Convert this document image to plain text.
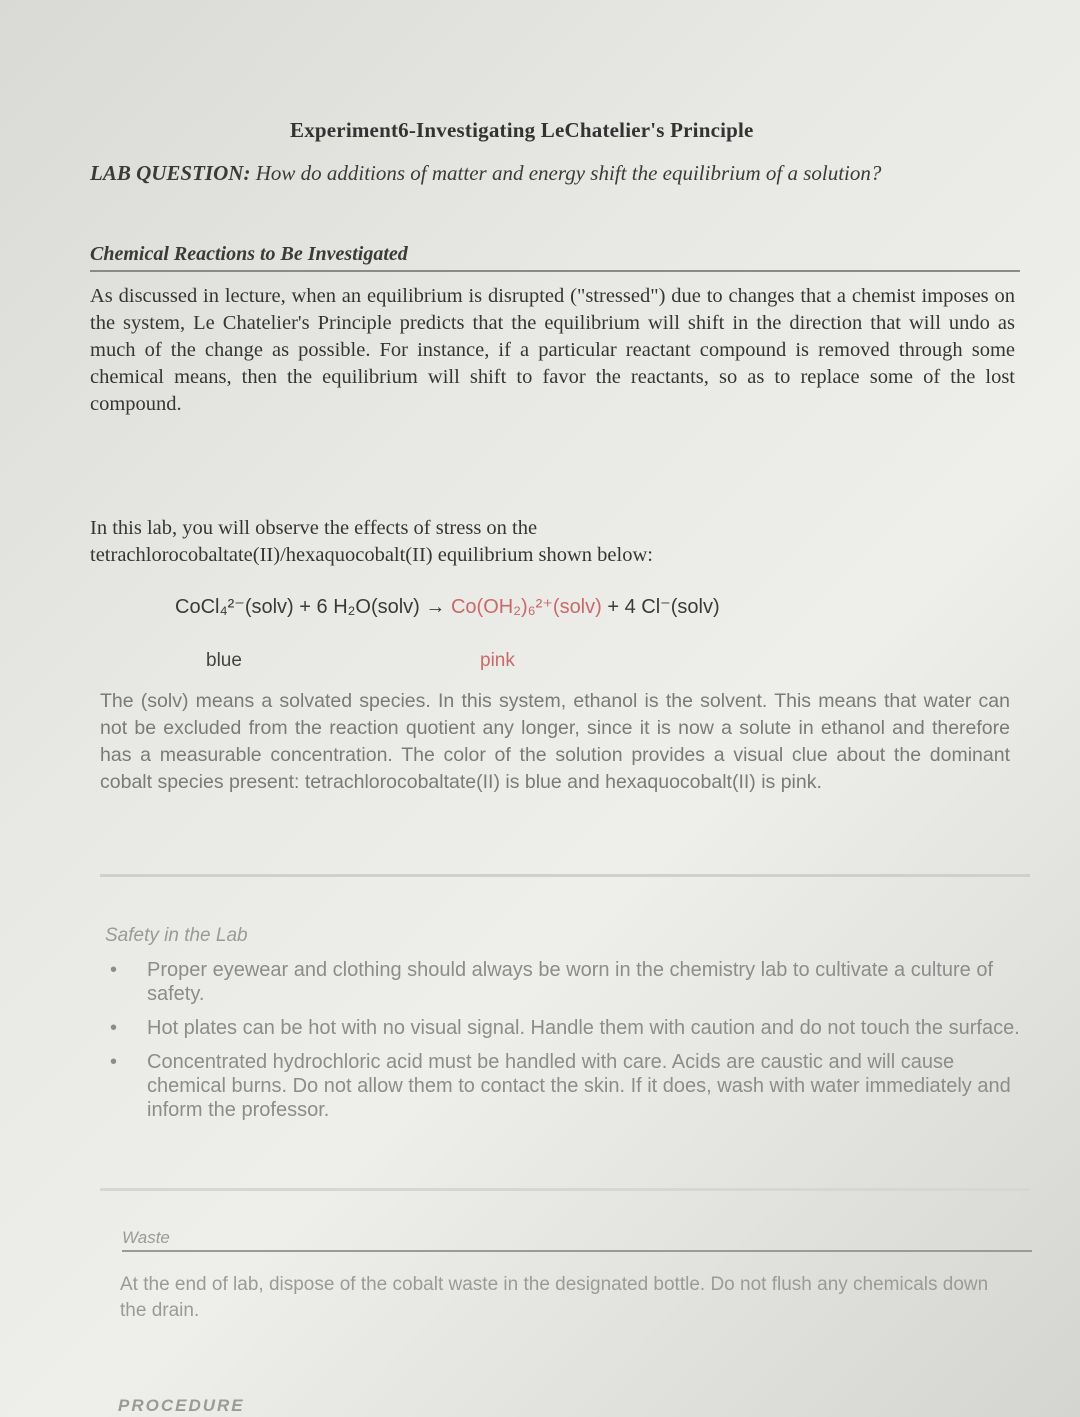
Experiment6-Investigating LeChatelier's Principle
LAB QUESTION: How do additions of matter and energy shift the equilibrium of a solution?
Chemical Reactions to Be Investigated
As discussed in lecture, when an equilibrium is disrupted ("stressed") due to changes that a chemist imposes on the system, Le Chatelier's Principle predicts that the equilibrium will shift in the direction that will undo as much of the change as possible. For instance, if a particular reactant compound is removed through some chemical means, then the equilibrium will shift to favor the reactants, so as to replace some of the lost compound.
In this lab, you will observe the effects of stress on the tetrachlorocobaltate(II)/hexaquocobalt(II) equilibrium shown below:
CoCl₄²⁻(solv) + 6 H₂O(solv) → Co(OH₂)₆²⁺(solv) + 4 Cl⁻(solv)
blue	pink
The (solv) means a solvated species. In this system, ethanol is the solvent. This means that water can not be excluded from the reaction quotient any longer, since it is now a solute in ethanol and therefore has a measurable concentration. The color of the solution provides a visual clue about the dominant cobalt species present: tetrachlorocobaltate(II) is blue and hexaquocobalt(II) is pink.
Safety in the Lab
• Proper eyewear and clothing should always be worn in the chemistry lab to cultivate a culture of safety.
• Hot plates can be hot with no visual signal. Handle them with caution and do not touch the surface.
• Concentrated hydrochloric acid must be handled with care. Acids are caustic and will cause chemical burns. Do not allow them to contact the skin. If it does, wash with water immediately and inform the professor.
Waste
At the end of lab, dispose of the cobalt waste in the designated bottle. Do not flush any chemicals down the drain.
PROCEDURE
